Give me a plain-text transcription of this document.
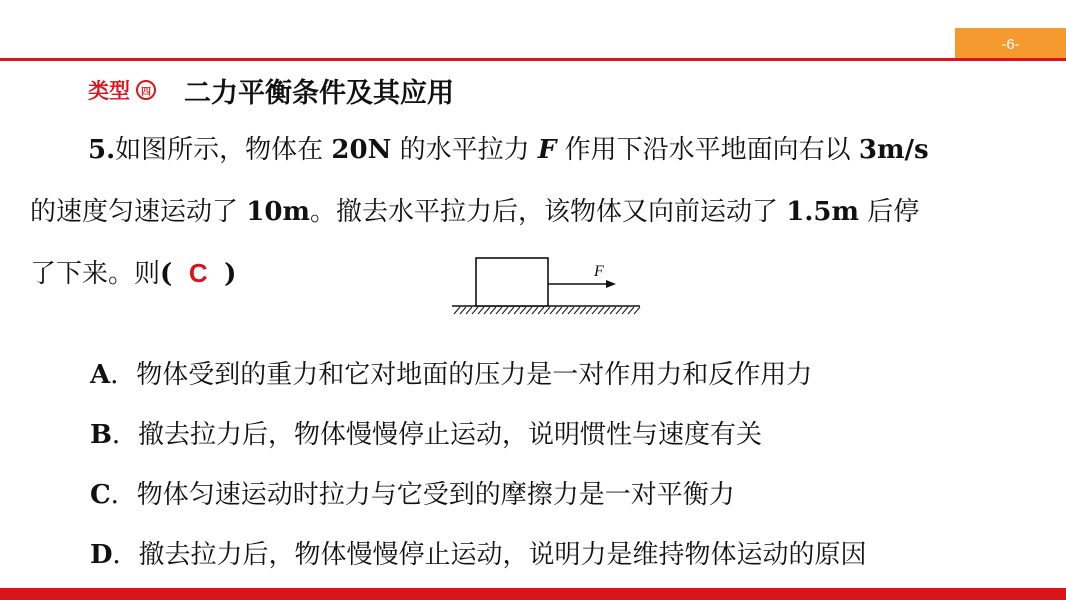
-6-
类型	四 二力平衡条件及其应用
5.如图所示，物体在 20N 的水平拉力 F 作用下沿水平地面向右以 3m/s
的速度匀速运动了 10m。撤去水平拉力后，该物体又向前运动了 1.5m 后停
了下来。则( C )	F
A．物体受到的重力和它对地面的压力是一对作用力和反作用力
B．撤去拉力后，物体慢慢停止运动，说明惯性与速度有关
C．物体匀速运动时拉力与它受到的摩擦力是一对平衡力
D．撤去拉力后，物体慢慢停止运动，说明力是维持物体运动的原因
